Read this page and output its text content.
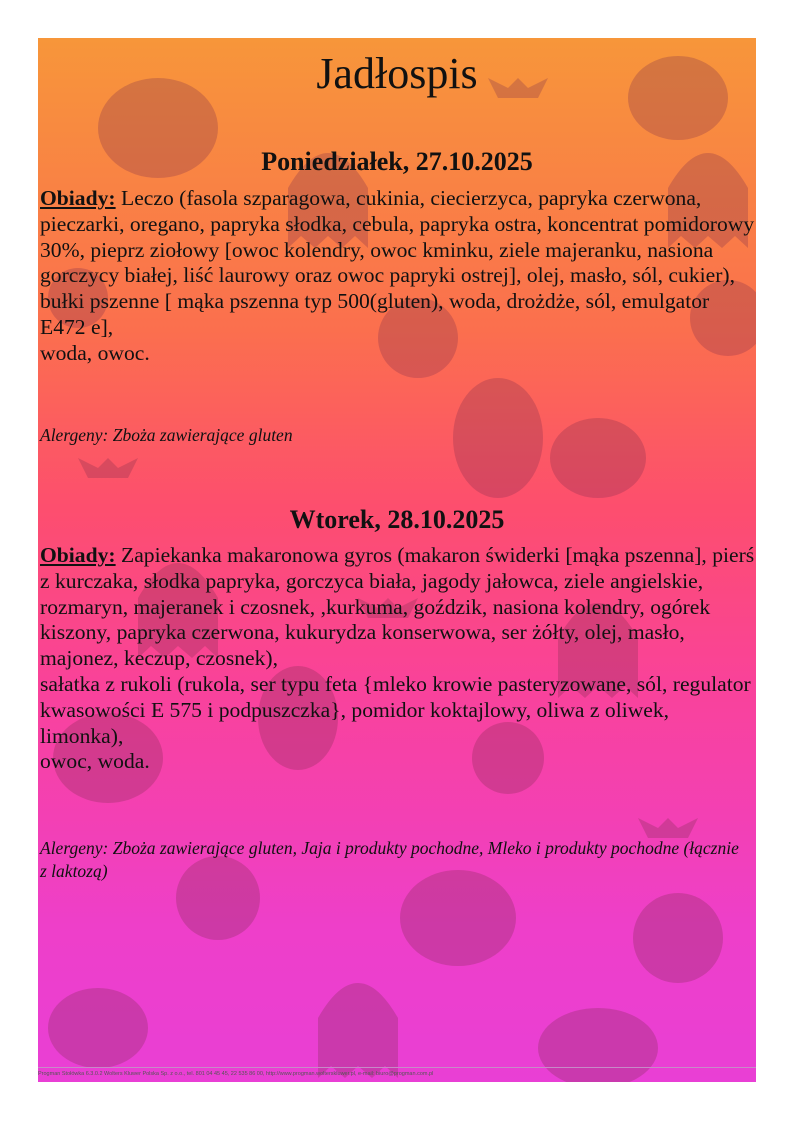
Jadłospis
Poniedziałek, 27.10.2025

Obiady: Leczo (fasola szparagowa, cukinia, ciecierzyca, papryka czerwona, pieczarki, oregano, papryka słodka, cebula, papryka ostra, koncentrat pomidorowy 30%, pieprz ziołowy [owoc kolendry, owoc kminku, ziele majeranku, nasiona gorczycy białej, liść laurowy oraz owoc papryki ostrej], olej, masło, sól, cukier), bułki pszenne [ mąka pszenna typ 500(gluten), woda, drożdże, sól, emulgator E472 e],

woda, owoc.

Alergeny: Zboża zawierające gluten
Wtorek, 28.10.2025

Obiady: Zapiekanka makaronowa gyros (makaron świderki [mąka pszenna], pierś z kurczaka, słodka papryka, gorczyca biała, jagody jałowca, ziele angielskie, rozmaryn, majeranek i czosnek, ,kurkuma, goździk, nasiona kolendry, ogórek kiszony, papryka czerwona, kukurydza konserwowa, ser żółty, olej, masło, majonez, keczup, czosnek),

sałatka z rukoli (rukola, ser typu feta {mleko krowie pasteryzowane, sól, regulator kwasowości E 575 i podpuszczka}, pomidor koktajlowy, oliwa z oliwek, limonka),

owoc, woda.

Alergeny: Zboża zawierające gluten, Jaja i produkty pochodne, Mleko i produkty pochodne (łącznie z laktozą)
Progman Stołówka 6.3.0.2 Wolters Kluwer Polska Sp. z o.o., tel. 801 04 45 45, 22 535 86 00, http://www.progman.wolterskluwer.pl, e-mail: biuro@progman.com.pl
